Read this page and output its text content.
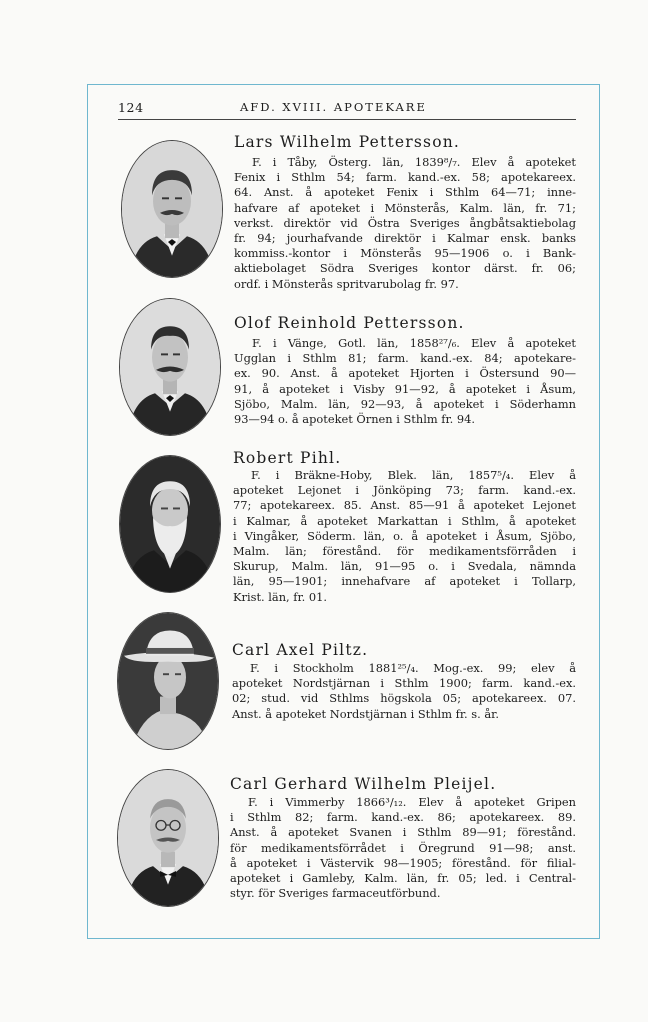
124	AFD. XVIII. APOTEKARE
Lars Wilhelm Pettersson.
F. i Tåby, Österg. län, 1839⁸/₇. Elev å apoteket
Fenix i Sthlm 54; farm. kand.-ex. 58; apotekareex.
64. Anst. å apoteket Fenix i Sthlm 64—71; inne-
hafvare af apoteket i Mönsterås, Kalm. län, fr. 71;
verkst. direktör vid Östra Sveriges ångbåtsaktiebolag
fr. 94; jourhafvande direktör i Kalmar ensk. banks
kommiss.-kontor i Mönsterås 95—1906 o. i Bank-
aktiebolaget Södra Sveriges kontor därst. fr. 06;
ordf. i Mönsterås spritvarubolag fr. 97.
Olof Reinhold Pettersson.
F. i Vänge, Gotl. län, 1858²⁷/₆. Elev å apoteket
Ugglan i Sthlm 81; farm. kand.-ex. 84; apotekare-
ex. 90. Anst. å apoteket Hjorten i Östersund 90—
91, å apoteket i Visby 91—92, å apoteket i Åsum,
Sjöbo, Malm. län, 92—93, å apoteket i Söderhamn
93—94 o. å apoteket Örnen i Sthlm fr. 94.
Robert Pihl.
F. i Bräkne-Hoby, Blek. län, 1857⁵/₄. Elev å
apoteket Lejonet i Jönköping 73; farm. kand.-ex.
77; apotekareex. 85. Anst. 85—91 å apoteket Lejonet
i Kalmar, å apoteket Markattan i Sthlm, å apoteket
i Vingåker, Söderm. län, o. å apoteket i Åsum, Sjöbo,
Malm. län; förestånd. för medikamentsförråden i
Skurup, Malm. län, 91—95 o. i Svedala, nämnda
län, 95—1901; innehafvare af apoteket i Tollarp,
Krist. län, fr. 01.
Carl Axel Piltz.
F. i Stockholm 1881²⁵/₄. Mog.-ex. 99; elev å
apoteket Nordstjärnan i Sthlm 1900; farm. kand.-ex.
02; stud. vid Sthlms högskola 05; apotekareex. 07.
Anst. å apoteket Nordstjärnan i Sthlm fr. s. år.
Carl Gerhard Wilhelm Pleijel.
F. i Vimmerby 1866³/₁₂. Elev å apoteket Gripen
i Sthlm 82; farm. kand.-ex. 86; apotekareex. 89.
Anst. å apoteket Svanen i Sthlm 89—91; förestånd.
för medikamentsförrådet i Öregrund 91—98; anst.
å apoteket i Västervik 98—1905; förestånd. för filial-
apoteket i Gamleby, Kalm. län, fr. 05; led. i Central-
styr. för Sveriges farmaceutförbund.
